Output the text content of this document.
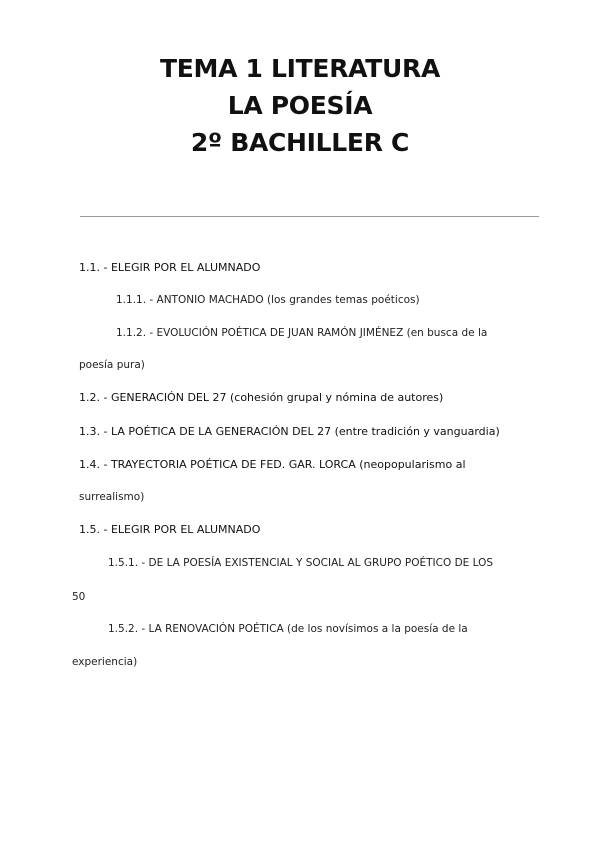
TEMA 1 LITERATURA
LA POESÍA
2º BACHILLER C
1.1. - ELEGIR POR EL ALUMNADO
1.1.1. - ANTONIO MACHADO (los grandes temas poéticos)
1.1.2. - EVOLUCIÓN POÉTICA DE JUAN RAMÓN JIMÉNEZ (en busca de la
poesía pura)
1.2. - GENERACIÓN DEL 27 (cohesión grupal y nómina de autores)
1.3. - LA POÉTICA DE LA GENERACIÓN DEL 27 (entre tradición y vanguardia)
1.4. - TRAYECTORIA POÉTICA DE FED. GAR. LORCA (neopopularismo al
surrealismo)
1.5. - ELEGIR POR EL ALUMNADO
1.5.1. - DE LA POESÍA EXISTENCIAL Y SOCIAL AL GRUPO POÉTICO DE LOS
50
1.5.2. - LA RENOVACIÓN POÉTICA (de los novísimos a la poesía de la
experiencia)
